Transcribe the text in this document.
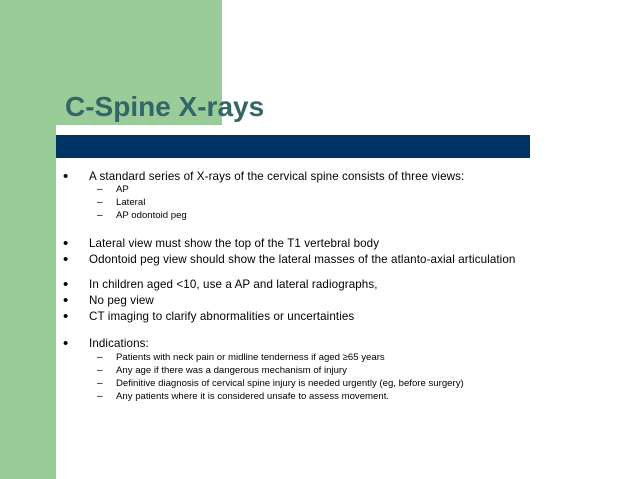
C-Spine X-rays
• A standard series of X-rays of the cervical spine consists of three views:
– AP
– Lateral
– AP odontoid peg
• Lateral view must show the top of the T1 vertebral body
• Odontoid peg view should show the lateral masses of the atlanto-axial articulation
• In children aged <10, use a AP and lateral radiographs,
• No peg view
• CT imaging to clarify abnormalities or uncertainties
• Indications:
– Patients with neck pain or midline tenderness if aged ≥65 years
– Any age if there was a dangerous mechanism of injury
– Definitive diagnosis of cervical spine injury is needed urgently (eg, before surgery)
– Any patients where it is considered unsafe to assess movement.
